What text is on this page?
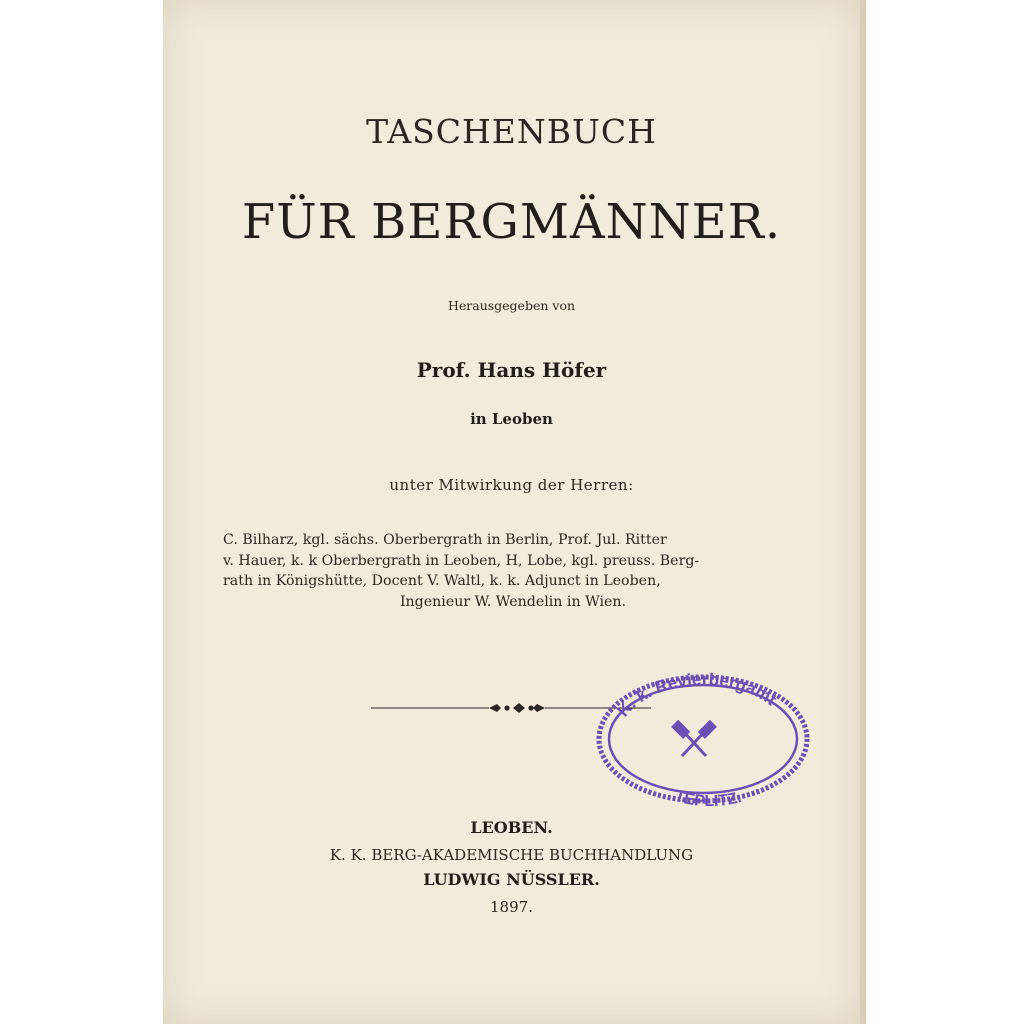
TASCHENBUCH
FÜR BERGMÄNNER.
Herausgegeben von
Prof. Hans Höfer
in Leoben
unter Mitwirkung der Herren:
C. Bilharz, kgl. sächs. Oberbergrath in Berlin, Prof. Jul. Ritter
v. Hauer, k. k Oberbergrath in Leoben, H, Lobe, kgl. preuss. Berg-
rath in Königshütte, Docent V. Waltl, k. k. Adjunct in Leoben,
Ingenieur W. Wendelin in Wien.
LEOBEN.
K. K. BERG-AKADEMISCHE BUCHHANDLUNG
LUDWIG NÜSSLER.
1897.
K. k. Revierbergamt
TEPLITZ.
